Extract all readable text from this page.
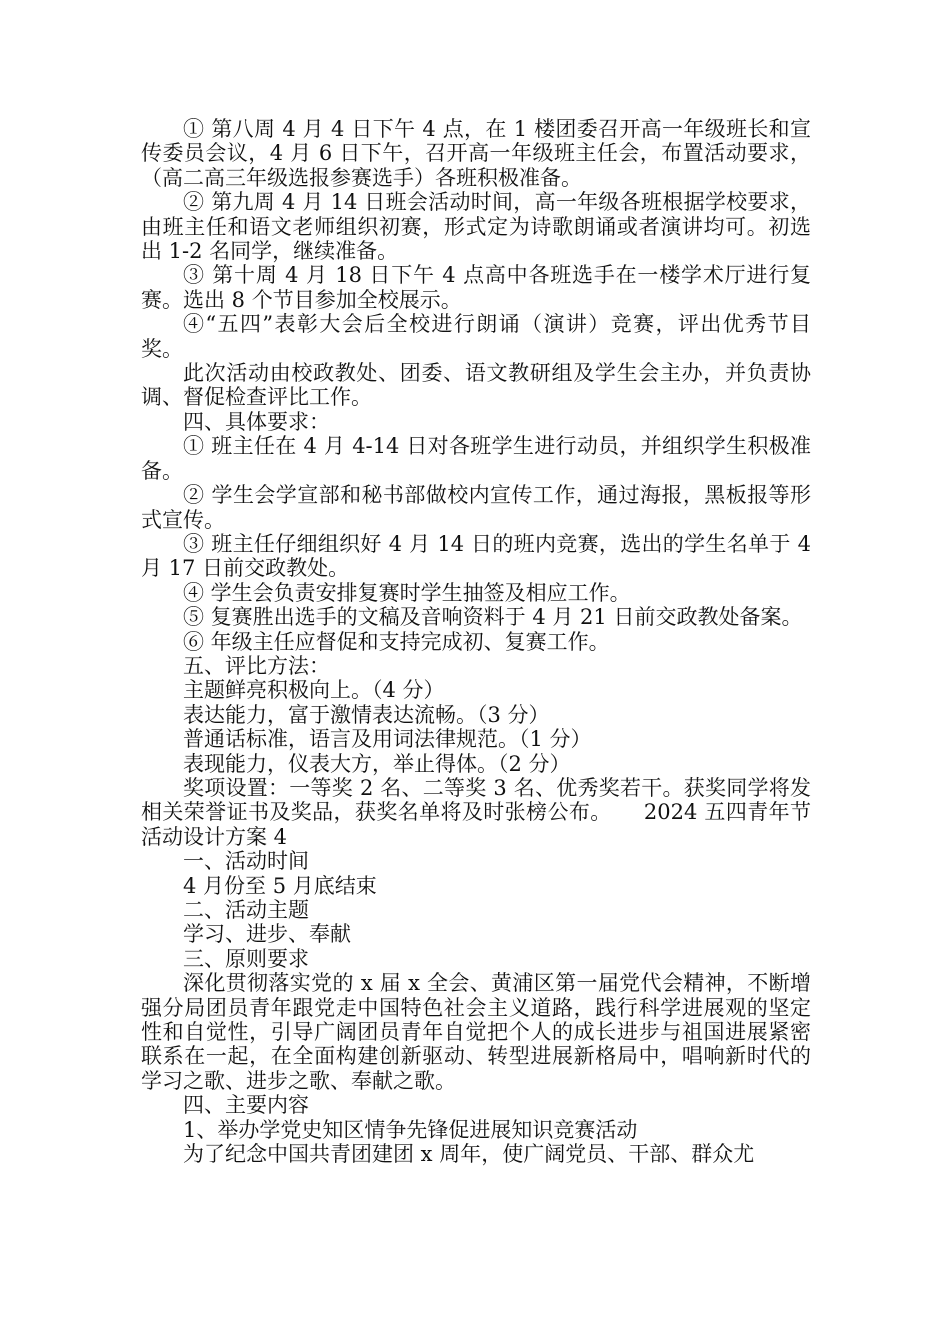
① 第八周 4 月 4 日下午 4 点，在 1 楼团委召开高一年级班长和宣传委员会议，4 月 6 日下午，召开高一年级班主任会，布置活动要求，（高二高三年级选报参赛选手）各班积极准备。

② 第九周 4 月 14 日班会活动时间，高一年级各班根据学校要求，由班主任和语文老师组织初赛，形式定为诗歌朗诵或者演讲均可。初选出 1-2 名同学，继续准备。

③ 第十周 4 月 18 日下午 4 点高中各班选手在一楼学术厅进行复赛。选出 8 个节目参加全校展示。

④“五四”表彰大会后全校进行朗诵（演讲）竞赛，评出优秀节目奖。

此次活动由校政教处、团委、语文教研组及学生会主办，并负责协调、督促检查评比工作。

四、具体要求：

① 班主任在 4 月 4-14 日对各班学生进行动员，并组织学生积极准备。

② 学生会学宣部和秘书部做校内宣传工作，通过海报，黑板报等形式宣传。

③ 班主任仔细组织好 4 月 14 日的班内竞赛，选出的学生名单于 4 月 17 日前交政教处。

④ 学生会负责安排复赛时学生抽签及相应工作。

⑤ 复赛胜出选手的文稿及音响资料于 4 月 21 日前交政教处备案。

⑥ 年级主任应督促和支持完成初、复赛工作。

五、评比方法：

主题鲜亮积极向上。（4 分）

表达能力，富于激情表达流畅。（3 分）

普通话标准，语言及用词法律规范。（1 分）

表现能力，仪表大方，举止得体。（2 分）

奖项设置：一等奖 2 名、二等奖 3 名、优秀奖若干。获奖同学将发相关荣誉证书及奖品，获奖名单将及时张榜公布。　　2024 五四青年节活动设计方案 4

一、活动时间

4 月份至 5 月底结束

二、活动主题

学习、进步、奉献

三、原则要求

深化贯彻落实党的 x 届 x 全会、黄浦区第一届党代会精神，不断增强分局团员青年跟党走中国特色社会主义道路，践行科学进展观的坚定性和自觉性，引导广阔团员青年自觉把个人的成长进步与祖国进展紧密联系在一起，在全面构建创新驱动、转型进展新格局中，唱响新时代的学习之歌、进步之歌、奉献之歌。

四、主要内容

1、举办学党史知区情争先锋促进展知识竞赛活动

为了纪念中国共青团建团 x 周年，使广阔党员、干部、群众尤
